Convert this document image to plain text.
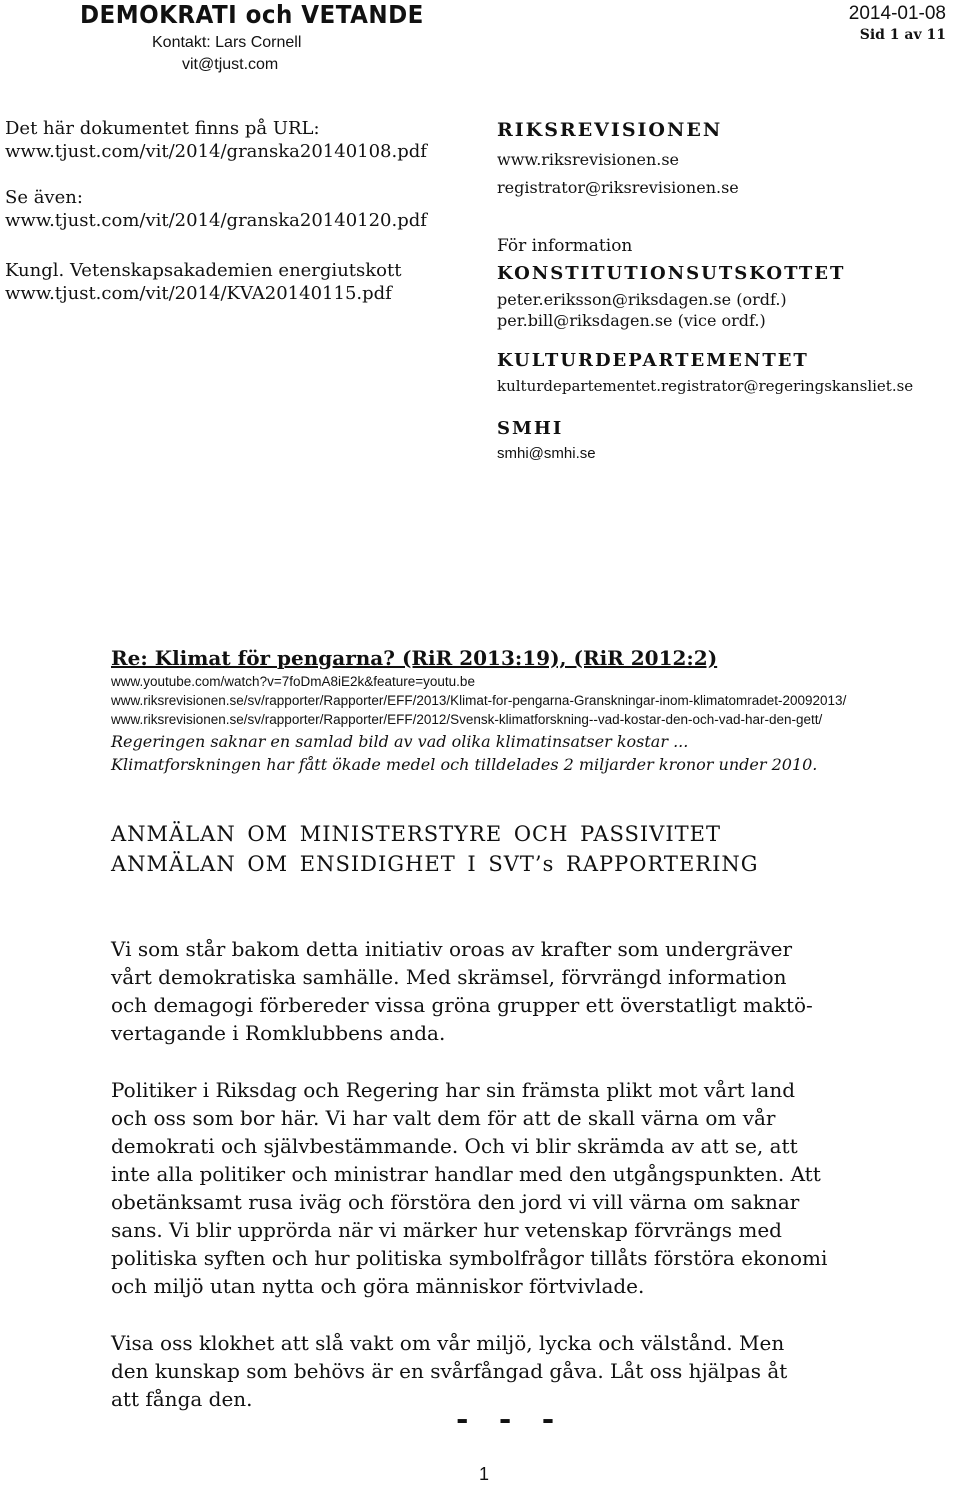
DEMOKRATI och VETANDE
Kontakt: Lars Cornell
vit@tjust.com
2014-01-08
Sid 1 av 11
Det här dokumentet finns på URL:
www.tjust.com/vit/2014/granska20140108.pdf
Se även:
www.tjust.com/vit/2014/granska20140120.pdf
Kungl. Vetenskapsakademien energiutskott
www.tjust.com/vit/2014/KVA20140115.pdf
RIKSREVISIONEN
www.riksrevisionen.se
registrator@riksrevisionen.se
För information
KONSTITUTIONSUTSKOTTET
peter.eriksson@riksdagen.se (ordf.)
per.bill@riksdagen.se (vice ordf.)
KULTURDEPARTEMENTET
kulturdepartementet.registrator@regeringskansliet.se
SMHI
smhi@smhi.se
Re: Klimat för pengarna? (RiR 2013:19), (RiR 2012:2)
www.youtube.com/watch?v=7foDmA8iE2k&feature=youtu.be
www.riksrevisionen.se/sv/rapporter/Rapporter/EFF/2013/Klimat-for-pengarna-Granskningar-inom-klimatomradet-20092013/
www.riksrevisionen.se/sv/rapporter/Rapporter/EFF/2012/Svensk-klimatforskning--vad-kostar-den-och-vad-har-den-gett/
Regeringen saknar en samlad bild av vad olika klimatinsatser kostar ...
Klimatforskningen har fått ökade medel och tilldelades 2 miljarder kronor under 2010.
ANMÄLAN OM MINISTERSTYRE OCH PASSIVITET
ANMÄLAN OM ENSIDIGHET I SVT’s RAPPORTERING
Vi som står bakom detta initiativ oroas av krafter som undergräver
vårt demokratiska samhälle. Med skrämsel, förvrängd information
och demagogi förbereder vissa gröna grupper ett överstatligt maktö-
vertagande i Romklubbens anda.
Politiker i Riksdag och Regering har sin främsta plikt mot vårt land
och oss som bor här. Vi har valt dem för att de skall värna om vår
demokrati och självbestämmande. Och vi blir skrämda av att se, att
inte alla politiker och ministrar handlar med den utgångspunkten. Att
obetänksamt rusa iväg och förstöra den jord vi vill värna om saknar
sans. Vi blir upprörda när vi märker hur vetenskap förvrängs med
politiska syften och hur politiska symbolfrågor tillåts förstöra ekonomi
och miljö utan nytta och göra människor förtvivlade.
Visa oss klokhet att slå vakt om vår miljö, lycka och välstånd. Men
den kunskap som behövs är en svårfångad gåva. Låt oss hjälpas åt
att fånga den.
- - -
1
